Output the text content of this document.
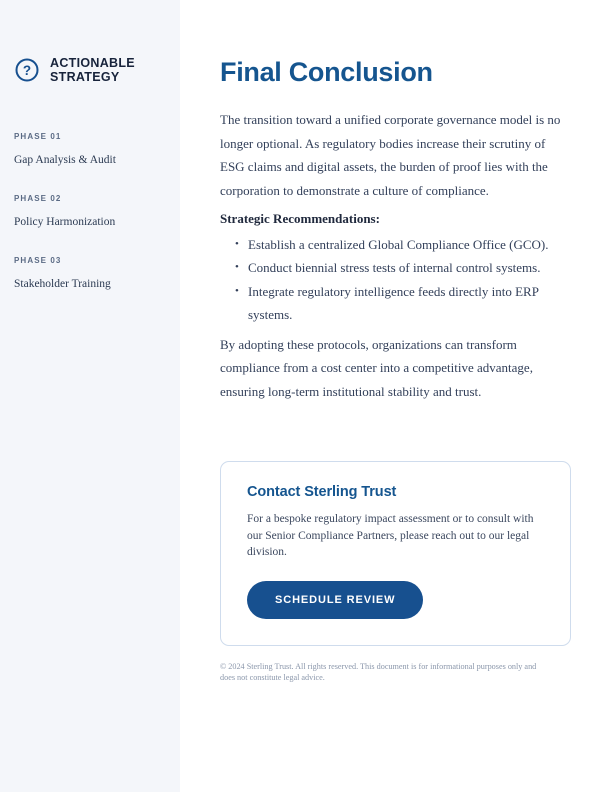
?
ACTIONABLE STRATEGY
PHASE 01
Gap Analysis & Audit
PHASE 02
Policy Harmonization
PHASE 03
Stakeholder Training
Final Conclusion

The transition toward a unified corporate governance model is no longer optional. As regulatory bodies increase their scrutiny of ESG claims and digital assets, the burden of proof lies with the corporation to demonstrate a culture of compliance.

Strategic Recommendations:

• Establish a centralized Global Compliance Office (GCO).
• Conduct biennial stress tests of internal control systems.
• Integrate regulatory intelligence feeds directly into ERP systems.

By adopting these protocols, organizations can transform compliance from a cost center into a competitive advantage, ensuring long-term institutional stability and trust.

Contact Sterling Trust

For a bespoke regulatory impact assessment or to consult with our Senior Compliance Partners, please reach out to our legal division.

SCHEDULE REVIEW

© 2024 Sterling Trust. All rights reserved. This document is for informational purposes only and does not constitute legal advice.
